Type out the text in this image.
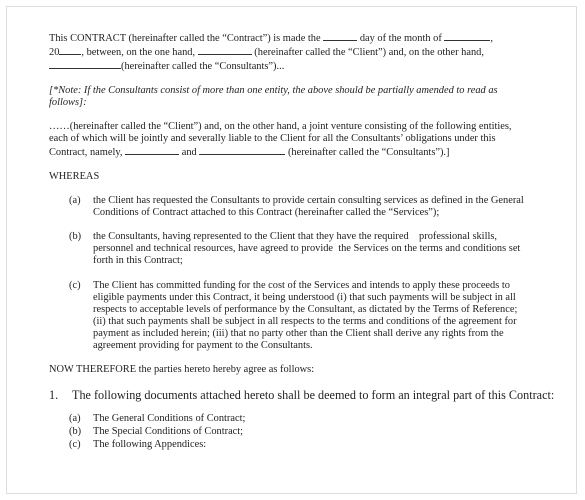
This CONTRACT (hereinafter called the “Contract”) is made the	day of the month of	,
20 , between, on the one hand,	(hereinafter called the “Client”) and, on the other hand,
(hereinafter called the “Consultants”)...
[*Note: If the Consultants consist of more than one entity, the above should be partially amended to read as
follows]:
……(hereinafter called the “Client”) and, on the other hand, a joint venture consisting of the following entities,
each of which will be jointly and severally liable to the Client for all the Consultants’ obligations under this
Contract, namely,	and	(hereinafter called the “Consultants”).]
WHEREAS
(a) the Client has requested the Consultants to provide certain consulting services as defined in the General
Conditions of Contract attached to this Contract (hereinafter called the “Services”);
(b) the Consultants, having represented to the Client that they have the required    professional skills,
personnel and technical resources, have agreed to provide  the Services on the terms and conditions set
forth in this Contract;
(c) The Client has committed funding for the cost of the Services and intends to apply these proceeds to
eligible payments under this Contract, it being understood (i) that such payments will be subject in all
respects to acceptable levels of performance by the Consultant, as dictated by the Terms of Reference;
(ii) that such payments shall be subject in all respects to the terms and conditions of the agreement for
payment as included herein; (iii) that no party other than the Client shall derive any rights from the
agreement providing for payment to the Consultants.
NOW THEREFORE the parties hereto hereby agree as follows:
1. The following documents attached hereto shall be deemed to form an integral part of this Contract:
(a) The General Conditions of Contract;
(b) The Special Conditions of Contract;
(c) The following Appendices:
